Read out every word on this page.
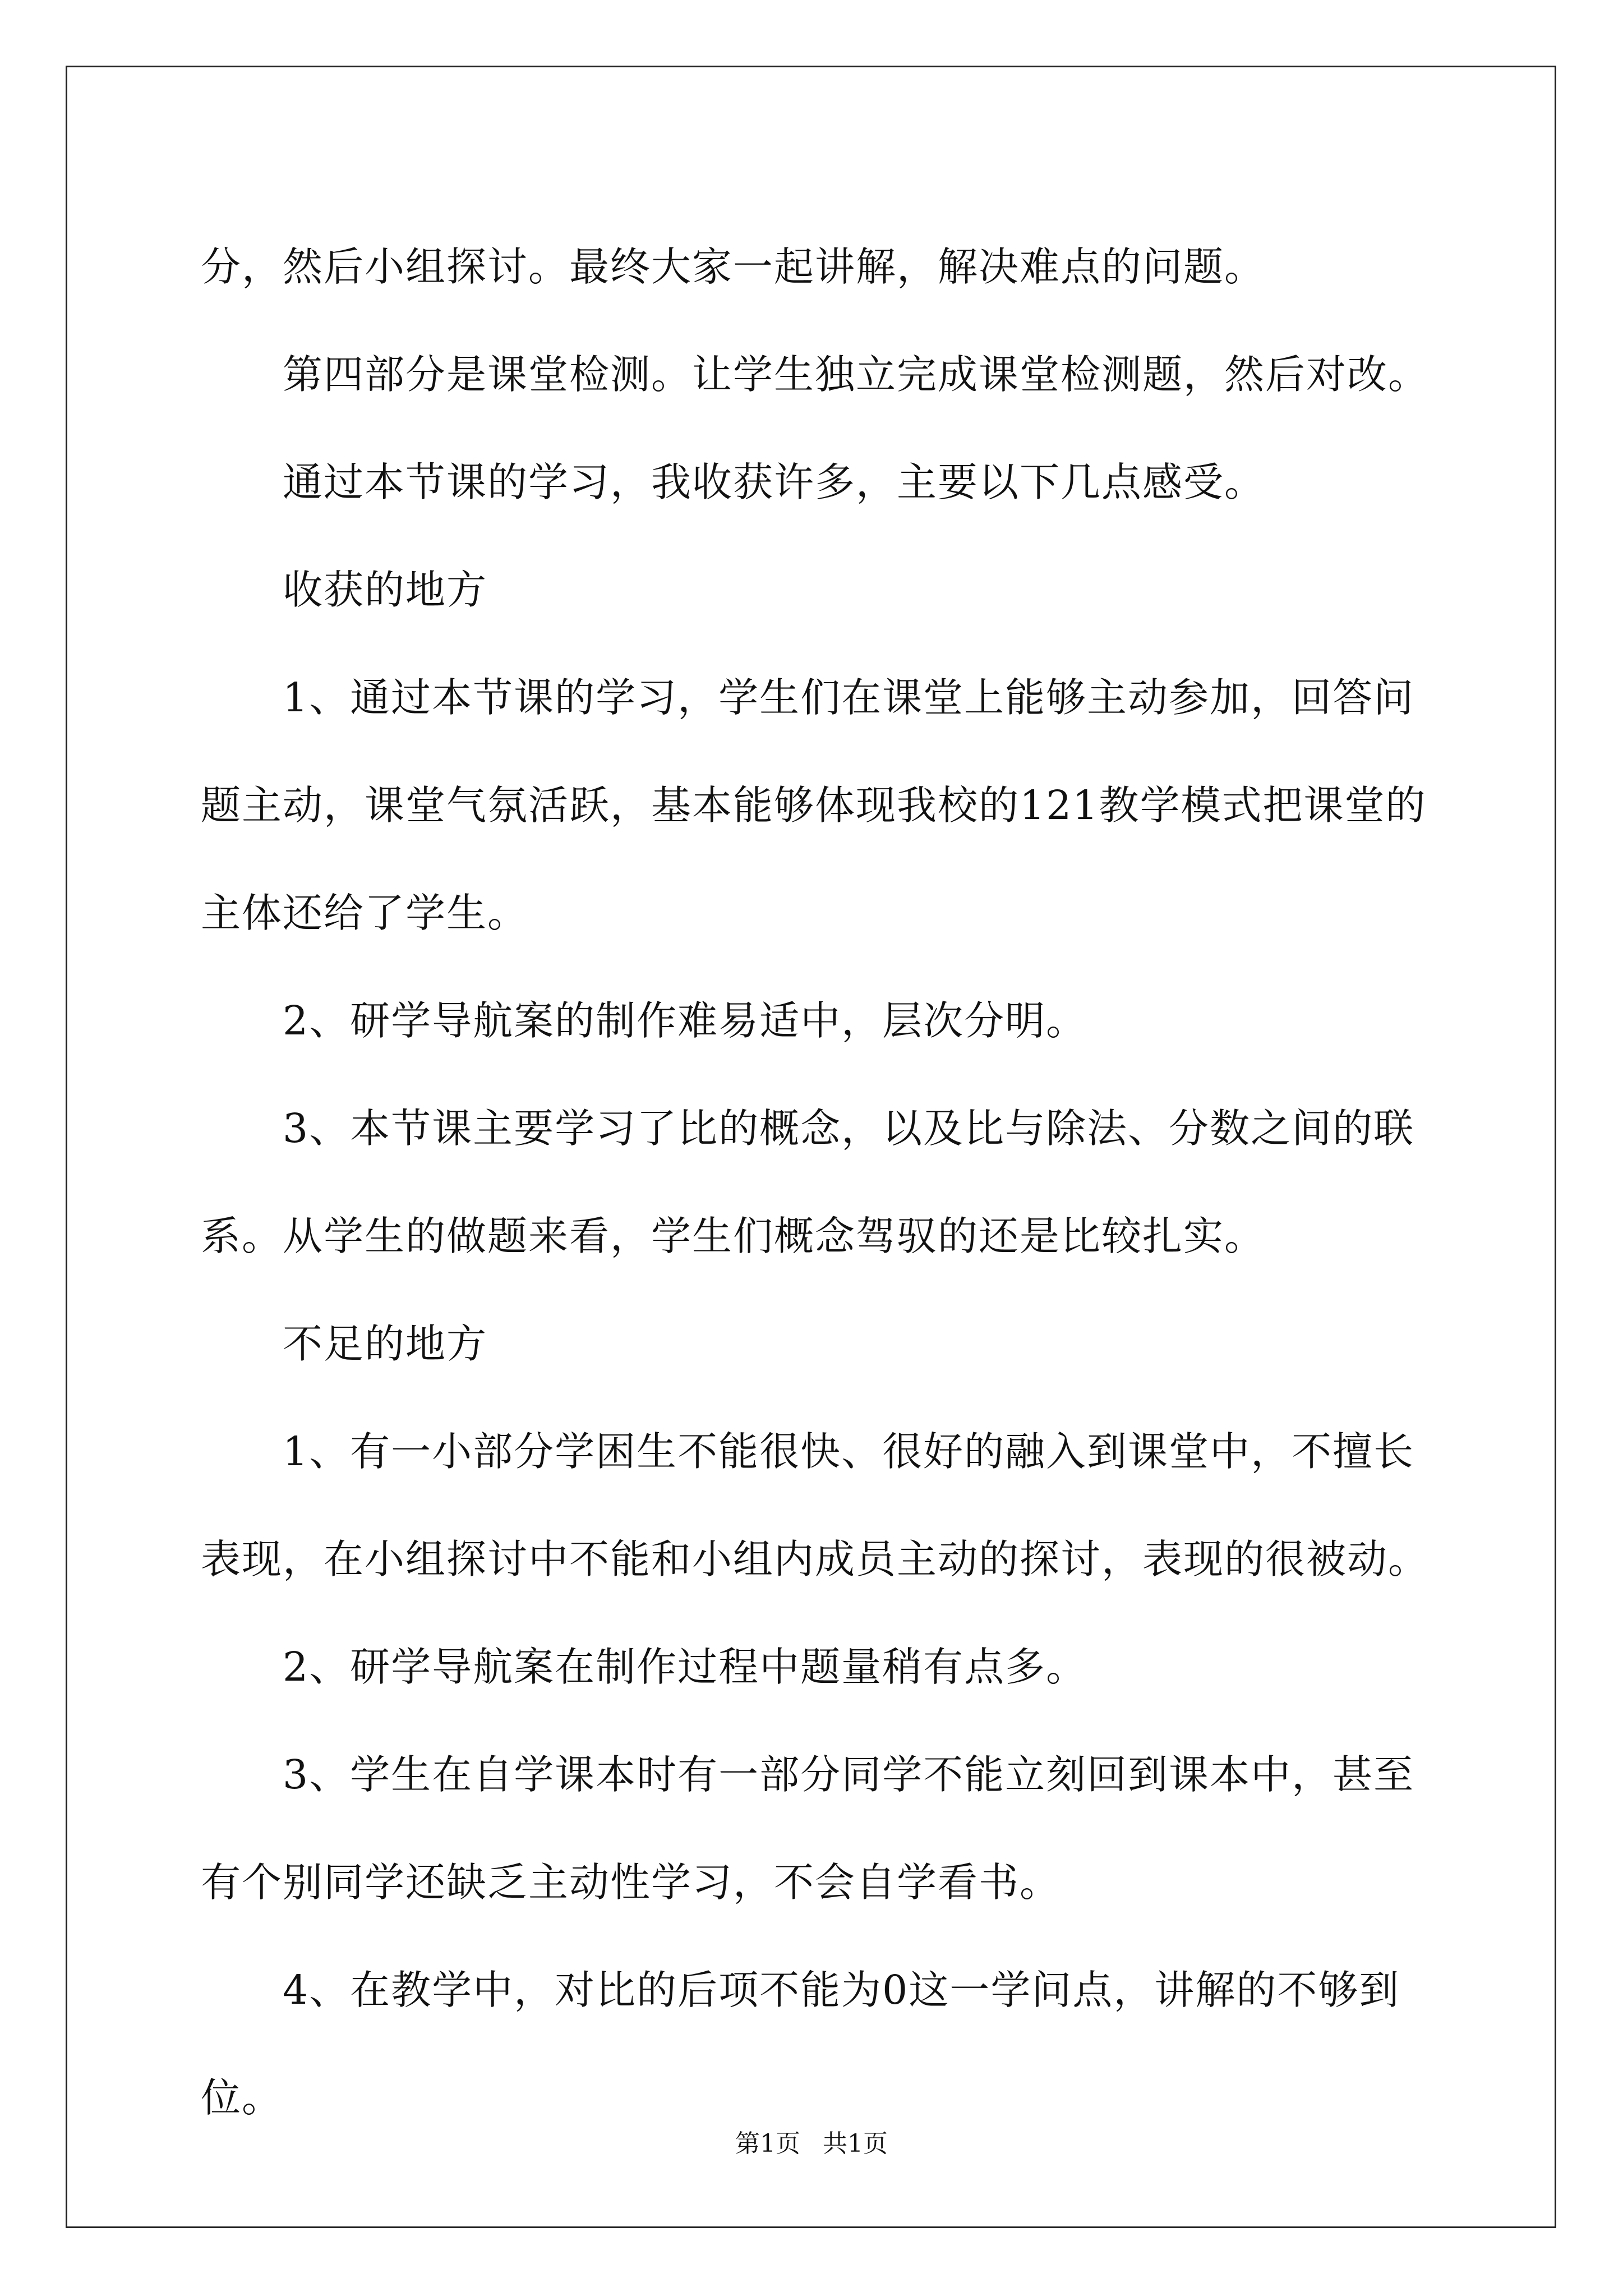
分，然后小组探讨。最终大家一起讲解，解决难点的问题。

第四部分是课堂检测。让学生独立完成课堂检测题，然后对改。

通过本节课的学习，我收获许多，主要以下几点感受。

收获的地方

1、通过本节课的学习，学生们在课堂上能够主动参加，回答问题主动，课堂气氛活跃，基本能够体现我校的121教学模式把课堂的主体还给了学生。

2、研学导航案的制作难易适中，层次分明。

3、本节课主要学习了比的概念，以及比与除法、分数之间的联系。从学生的做题来看，学生们概念驾驭的还是比较扎实。

不足的地方

1、有一小部分学困生不能很快、很好的融入到课堂中，不擅长表现，在小组探讨中不能和小组内成员主动的探讨，表现的很被动。

2、研学导航案在制作过程中题量稍有点多。

3、学生在自学课本时有一部分同学不能立刻回到课本中，甚至有个别同学还缺乏主动性学习，不会自学看书。

4、在教学中，对比的后项不能为0这一学问点，讲解的不够到位。

第1页 共1页
